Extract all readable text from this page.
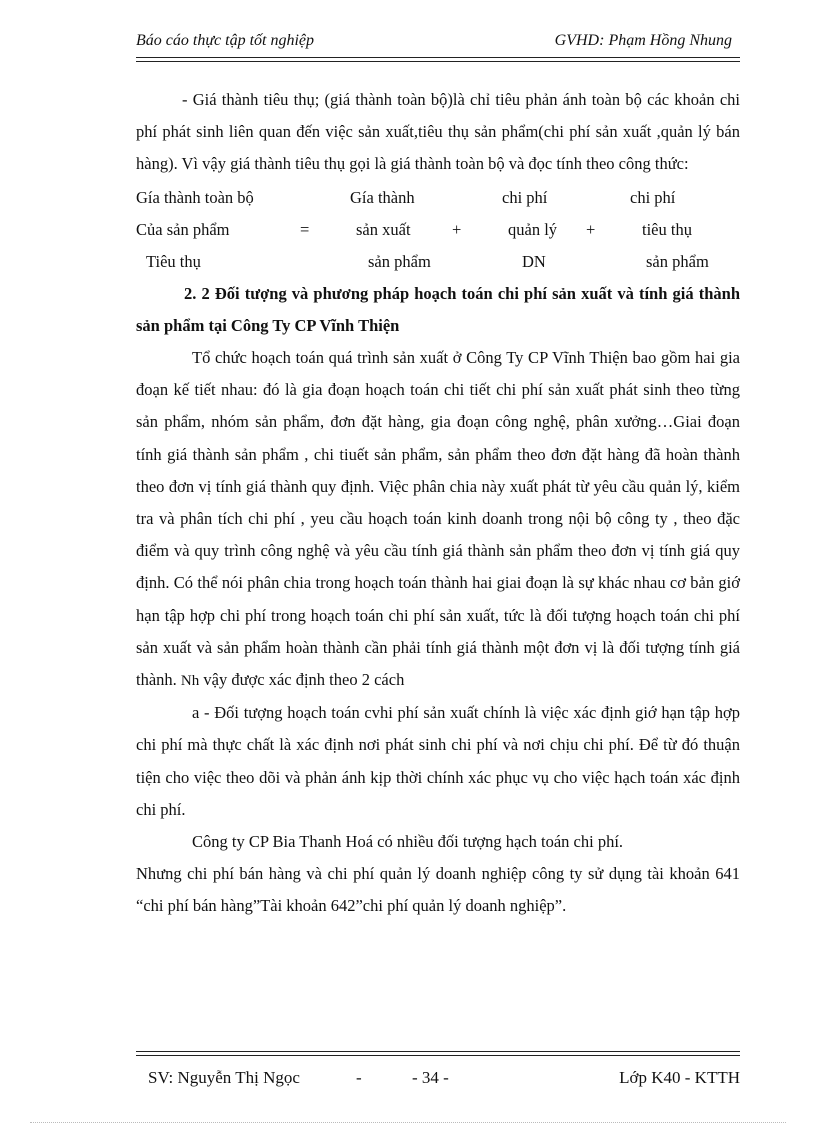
Báo cáo thực tập tốt nghiệp	GVHD: Phạm Hồng Nhung

- Giá thành tiêu thụ; (giá thành toàn bộ)là chỉ tiêu phản ánh toàn bộ các khoản chi phí phát sinh liên quan đến việc sản xuất,tiêu thụ sản phẩm(chi phí sản xuất ,quản lý bán hàng). Vì vậy giá thành tiêu thụ gọi là giá thành toàn bộ và đọc tính theo công thức:

Gía thành toàn bộ	Gía thành	chi phí	chi phí
Của sản phẩm	=	sản xuất	+	quản lý +	tiêu thụ
Tiêu thụ	sản phẩm	DN	sản phẩm
2. 2 Đối tượng và phương pháp hoạch toán chi phí sản xuất và tính giá thành sản phẩm tại Công Ty CP Vĩnh Thiện

Tổ chức hoạch toán quá trình sản xuất ở Công Ty CP Vĩnh Thiện bao gồm hai gia đoạn kế tiết nhau: đó là gia đoạn hoạch toán chi tiết chi phí sản xuất phát sinh theo từng sản phẩm, nhóm sản phẩm, đơn đặt hàng, gia đoạn công nghệ, phân xưởng…Giai đoạn tính giá thành sản phẩm , chi tiuết sản phẩm, sản phẩm theo đơn đặt hàng đã hoàn thành theo đơn vị tính giá thành quy định. Việc phân chia này xuất phát từ yêu cầu quản lý, kiểm tra và phân tích chi phí , yeu cầu hoạch toán kinh doanh trong nội bộ công ty , theo đặc điểm và quy trình công nghệ và yêu cầu tính giá thành sản phẩm theo đơn vị tính giá quy định. Có thể nói phân chia trong hoạch toán thành hai giai đoạn là sự khác nhau cơ bản giớ hạn tập hợp chi phí trong hoạch toán chi phí sản xuất, tức là đối tượng hoạch toán chi phí sản xuất và sản phẩm hoàn thành cần phải tính giá thành một đơn vị là đối tượng tính giá thành. Nh vậy được xác định theo 2 cách

a - Đối tượng hoạch toán cvhi phí sản xuất chính là việc xác định giớ hạn tập hợp chi phí mà thực chất là xác định nơi phát sinh chi phí và nơi chịu chi phí. Để từ đó thuận tiện cho việc theo dõi và phản ánh kịp thời chính xác phục vụ cho việc hạch toán xác định chi phí.

Công ty CP Bia Thanh Hoá có nhiều đối tượng hạch toán chi phí.

Nhưng chi phí bán hàng và chi phí quản lý doanh nghiệp công ty sử dụng tài khoản 641 “chi phí bán hàng”Tài khoản 642”chi phí quản lý doanh nghiệp”.

SV: Nguyễn Thị Ngọc	-	- 34 -	Lớp K40 - KTTH
